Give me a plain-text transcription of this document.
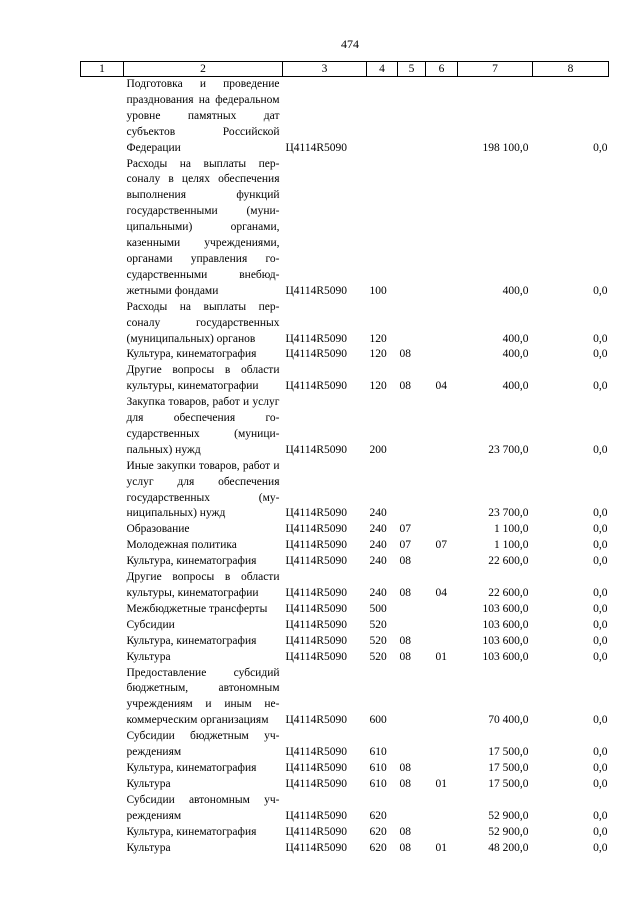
474
1	2	3	4	5	6	7	8
	Подготовка и проведение празднования на федеральном уровне памятных дат субъектов Российской Федерации	Ц4114R5090				198 100,0	0,0
	Расходы на выплаты персоналу в целях обеспечения выполнения функций государственными (муниципальными) органами, казенными учреждениями, органами управления государственными внебюджетными фондами	Ц4114R5090	100			400,0	0,0
	Расходы на выплаты персоналу государственных (муниципальных) органов	Ц4114R5090	120			400,0	0,0
	Культура, кинематография	Ц4114R5090	120	08		400,0	0,0
	Другие вопросы в области культуры, кинематографии	Ц4114R5090	120	08	04	400,0	0,0
	Закупка товаров, работ и услуг для обеспечения государственных (муниципальных) нужд	Ц4114R5090	200			23 700,0	0,0
	Иные закупки товаров, работ и услуг для обеспечения государственных (муниципальных) нужд	Ц4114R5090	240			23 700,0	0,0
	Образование	Ц4114R5090	240	07		1 100,0	0,0
	Молодежная политика	Ц4114R5090	240	07	07	1 100,0	0,0
	Культура, кинематография	Ц4114R5090	240	08		22 600,0	0,0
	Другие вопросы в области культуры, кинематографии	Ц4114R5090	240	08	04	22 600,0	0,0
	Межбюджетные трансферты	Ц4114R5090	500			103 600,0	0,0
	Субсидии	Ц4114R5090	520			103 600,0	0,0
	Культура, кинематография	Ц4114R5090	520	08		103 600,0	0,0
	Культура	Ц4114R5090	520	08	01	103 600,0	0,0
	Предоставление субсидий бюджетным, автономным учреждениям и иным некоммерческим организациям	Ц4114R5090	600			70 400,0	0,0
	Субсидии бюджетным учреждениям	Ц4114R5090	610			17 500,0	0,0
	Культура, кинематография	Ц4114R5090	610	08		17 500,0	0,0
	Культура	Ц4114R5090	610	08	01	17 500,0	0,0
	Субсидии автономным учреждениям	Ц4114R5090	620			52 900,0	0,0
	Культура, кинематография	Ц4114R5090	620	08		52 900,0	0,0
	Культура	Ц4114R5090	620	08	01	48 200,0	0,0
